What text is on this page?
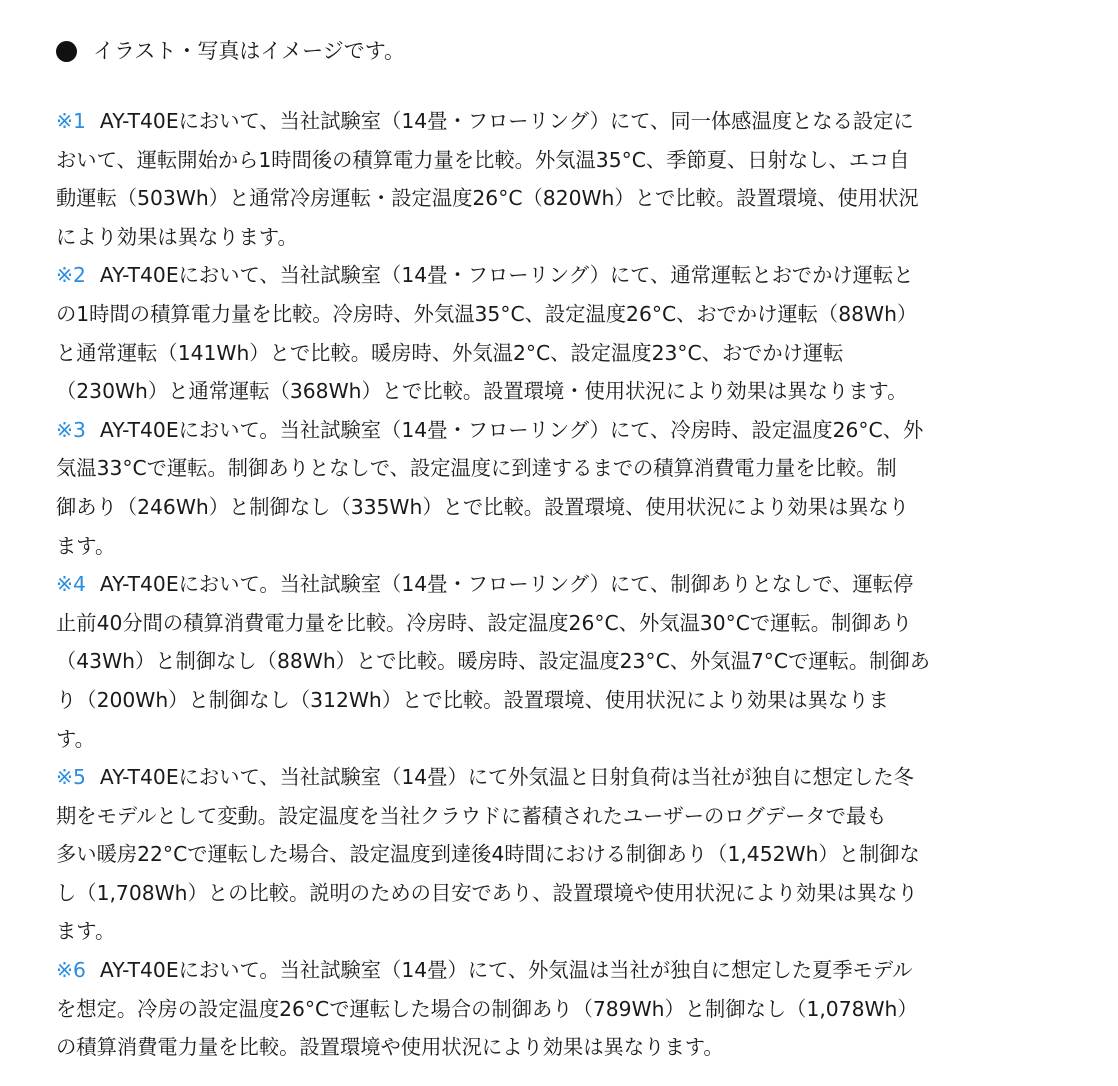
イラスト・写真はイメージです。
※1 AY-T40Eにおいて、当社試験室（14畳・フローリング）にて、同一体感温度となる設定に
おいて、運転開始から1時間後の積算電力量を比較。外気温35°C、季節夏、日射なし、エコ自
動運転（503Wh）と通常冷房運転・設定温度26°C（820Wh）とで比較。設置環境、使用状況
により効果は異なります。
※2 AY-T40Eにおいて、当社試験室（14畳・フローリング）にて、通常運転とおでかけ運転と
の1時間の積算電力量を比較。冷房時、外気温35°C、設定温度26°C、おでかけ運転（88Wh）
と通常運転（141Wh）とで比較。暖房時、外気温2°C、設定温度23°C、おでかけ運転
（230Wh）と通常運転（368Wh）とで比較。設置環境・使用状況により効果は異なります。
※3 AY-T40Eにおいて。当社試験室（14畳・フローリング）にて、冷房時、設定温度26°C、外
気温33°Cで運転。制御ありとなしで、設定温度に到達するまでの積算消費電力量を比較。制
御あり（246Wh）と制御なし（335Wh）とで比較。設置環境、使用状況により効果は異なり
ます。
※4 AY-T40Eにおいて。当社試験室（14畳・フローリング）にて、制御ありとなしで、運転停
止前40分間の積算消費電力量を比較。冷房時、設定温度26°C、外気温30°Cで運転。制御あり
（43Wh）と制御なし（88Wh）とで比較。暖房時、設定温度23°C、外気温7°Cで運転。制御あ
り（200Wh）と制御なし（312Wh）とで比較。設置環境、使用状況により効果は異なりま
す。
※5 AY-T40Eにおいて、当社試験室（14畳）にて外気温と日射負荷は当社が独自に想定した冬
期をモデルとして変動。設定温度を当社クラウドに蓄積されたユーザーのログデータで最も
多い暖房22°Cで運転した場合、設定温度到達後4時間における制御あり（1,452Wh）と制御な
し（1,708Wh）との比較。説明のための目安であり、設置環境や使用状況により効果は異なり
ます。
※6 AY-T40Eにおいて。当社試験室（14畳）にて、外気温は当社が独自に想定した夏季モデル
を想定。冷房の設定温度26°Cで運転した場合の制御あり（789Wh）と制御なし（1,078Wh）
の積算消費電力量を比較。設置環境や使用状況により効果は異なります。
